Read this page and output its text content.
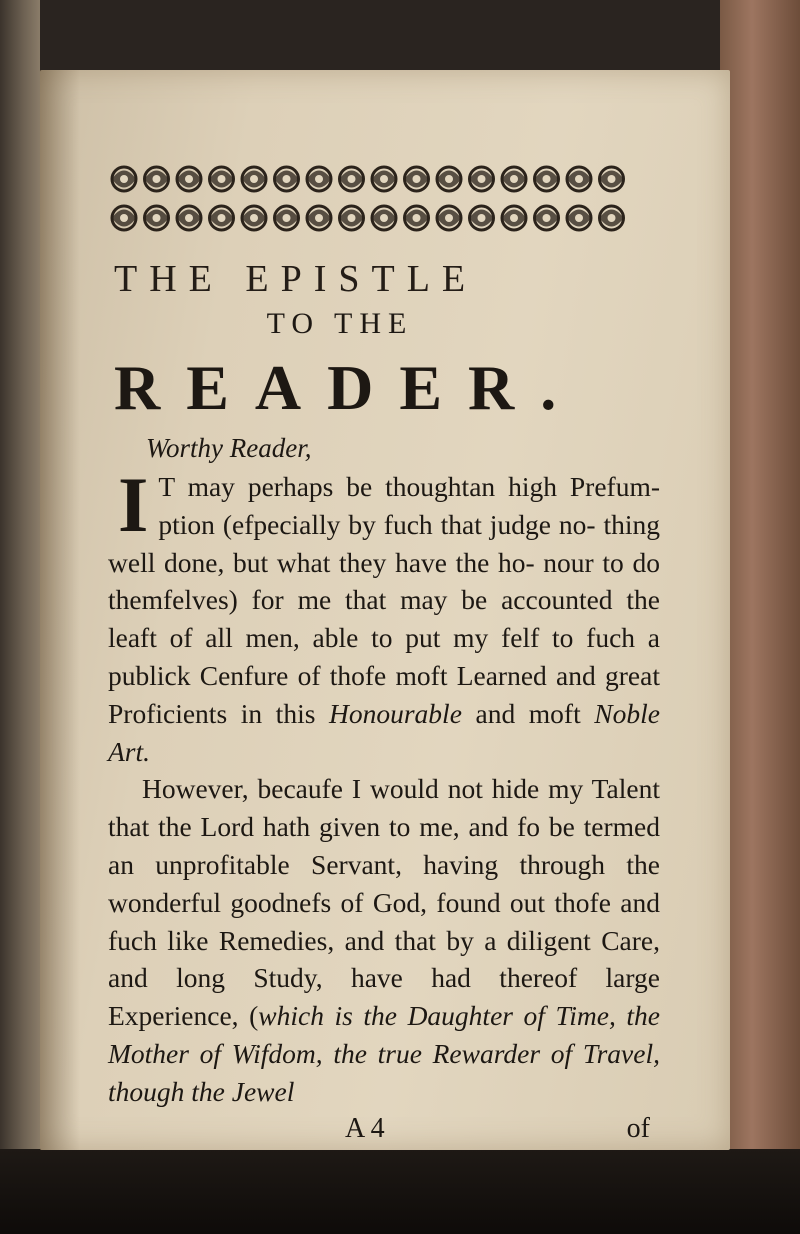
THE EPISTLE
TO THE
READER.
Worthy Reader,

I T may perhaps be thoughtan high Prefum- ption (efpecially by fuch that judge no- thing well done, but what they have the ho- nour to do themfelves) for me that may be accounted the leaft of all men, able to put my felf to fuch a publick Cenfure of thofe moft Learned and great Proficients in this Honourable and moft Noble Art.

However, becaufe I would not hide my Talent that the Lord hath given to me, and fo be termed an unprofitable Servant, having through the wonderful goodnefs of God, found out thofe and fuch like Remedies, and that by a diligent Care, and long Study, have had thereof large Experience, (which is the Daughter of Time, the Mother of Wifdom, the true Rewarder of Travel, though the Jewel

A 4	of
